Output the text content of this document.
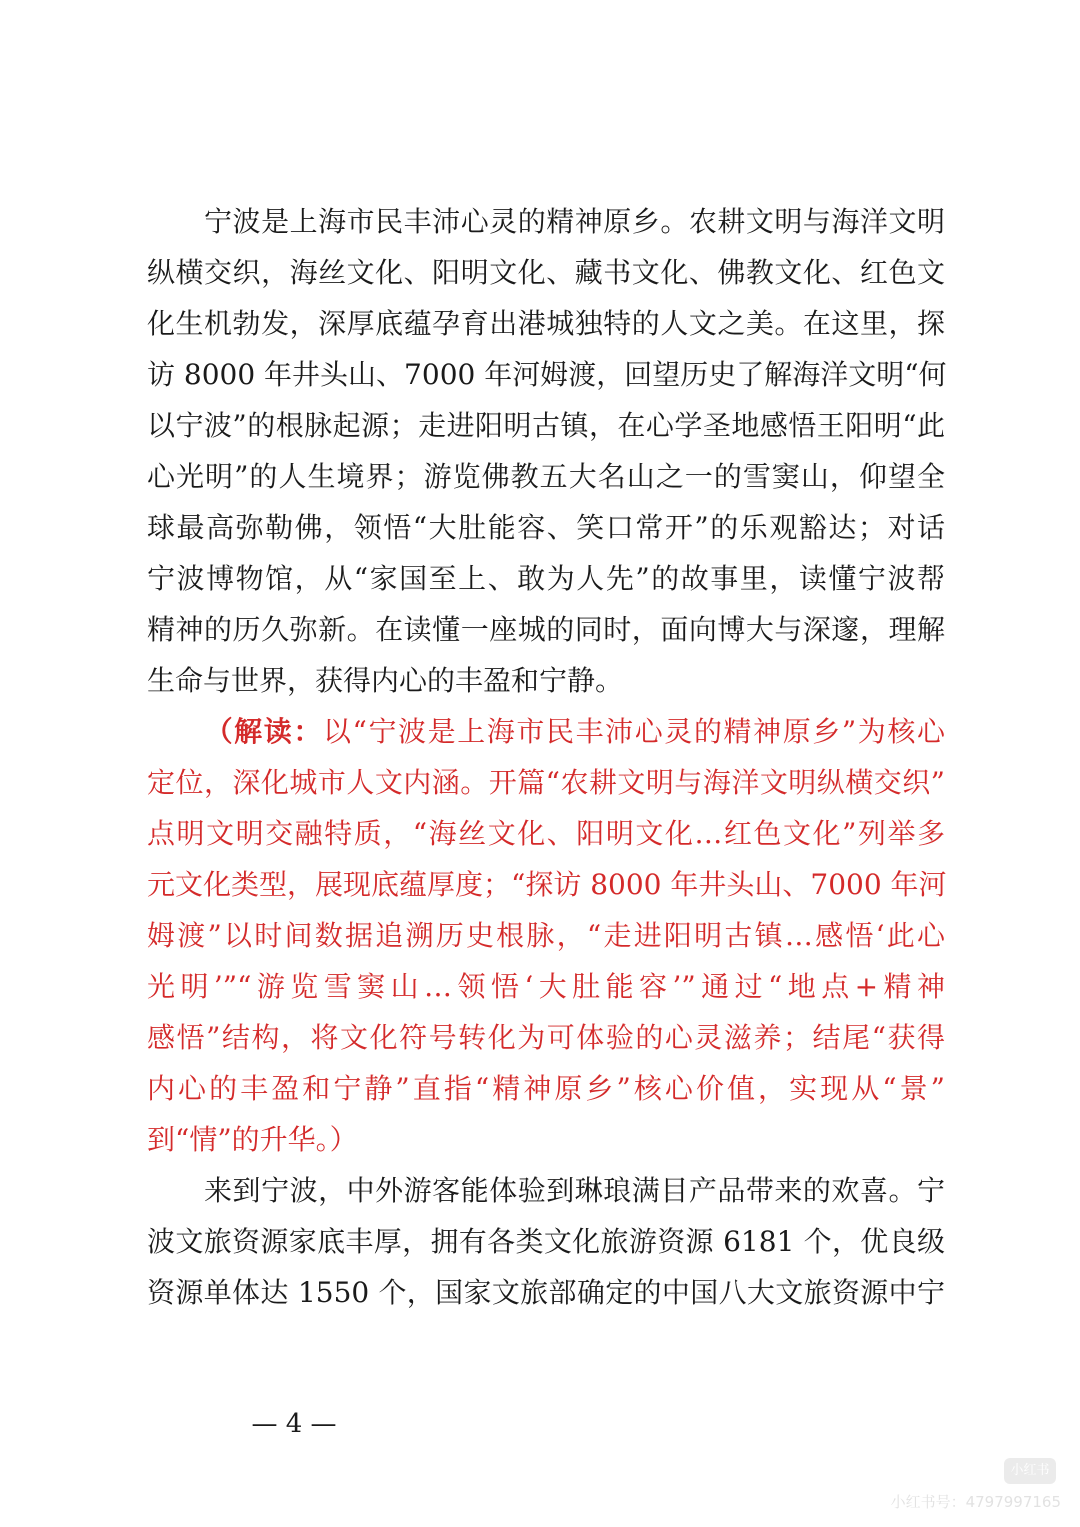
　　宁波是上海市民丰沛心灵的精神原乡。农耕文明与海洋文明
纵横交织，海丝文化、阳明文化、藏书文化、佛教文化、红色文
化生机勃发，深厚底蕴孕育出港城独特的人文之美。在这里，探
访 8000 年井头山、7000 年河姆渡，回望历史了解海洋文明“何
以宁波”的根脉起源；走进阳明古镇，在心学圣地感悟王阳明“此
心光明”的人生境界；游览佛教五大名山之一的雪窦山，仰望全
球最高弥勒佛，领悟“大肚能容、笑口常开”的乐观豁达；对话
宁波博物馆，从“家国至上、敢为人先”的故事里，读懂宁波帮
精神的历久弥新。在读懂一座城的同时，面向博大与深邃，理解
生命与世界，获得内心的丰盈和宁静。
（解读：以“宁波是上海市民丰沛心灵的精神原乡”为核心
定位，深化城市人文内涵。开篇“农耕文明与海洋文明纵横交织”
点明文明交融特质，“海丝文化、阳明文化…红色文化”列举多
元文化类型，展现底蕴厚度；“探访 8000 年井头山、7000 年河
姆渡”以时间数据追溯历史根脉，“走进阳明古镇…感悟‘此心
光明’”“游览雪窦山…领悟‘大肚能容’”通过“地点+精神
感悟”结构，将文化符号转化为可体验的心灵滋养；结尾“获得
内心的丰盈和宁静”直指“精神原乡”核心价值，实现从“景”
到“情”的升华。）
　　来到宁波，中外游客能体验到琳琅满目产品带来的欢喜。宁
波文旅资源家底丰厚，拥有各类文化旅游资源 6181 个，优良级
资源单体达 1550 个，国家文旅部确定的中国八大文旅资源中宁
— 4 —
小红书
小红书号：4797997165
